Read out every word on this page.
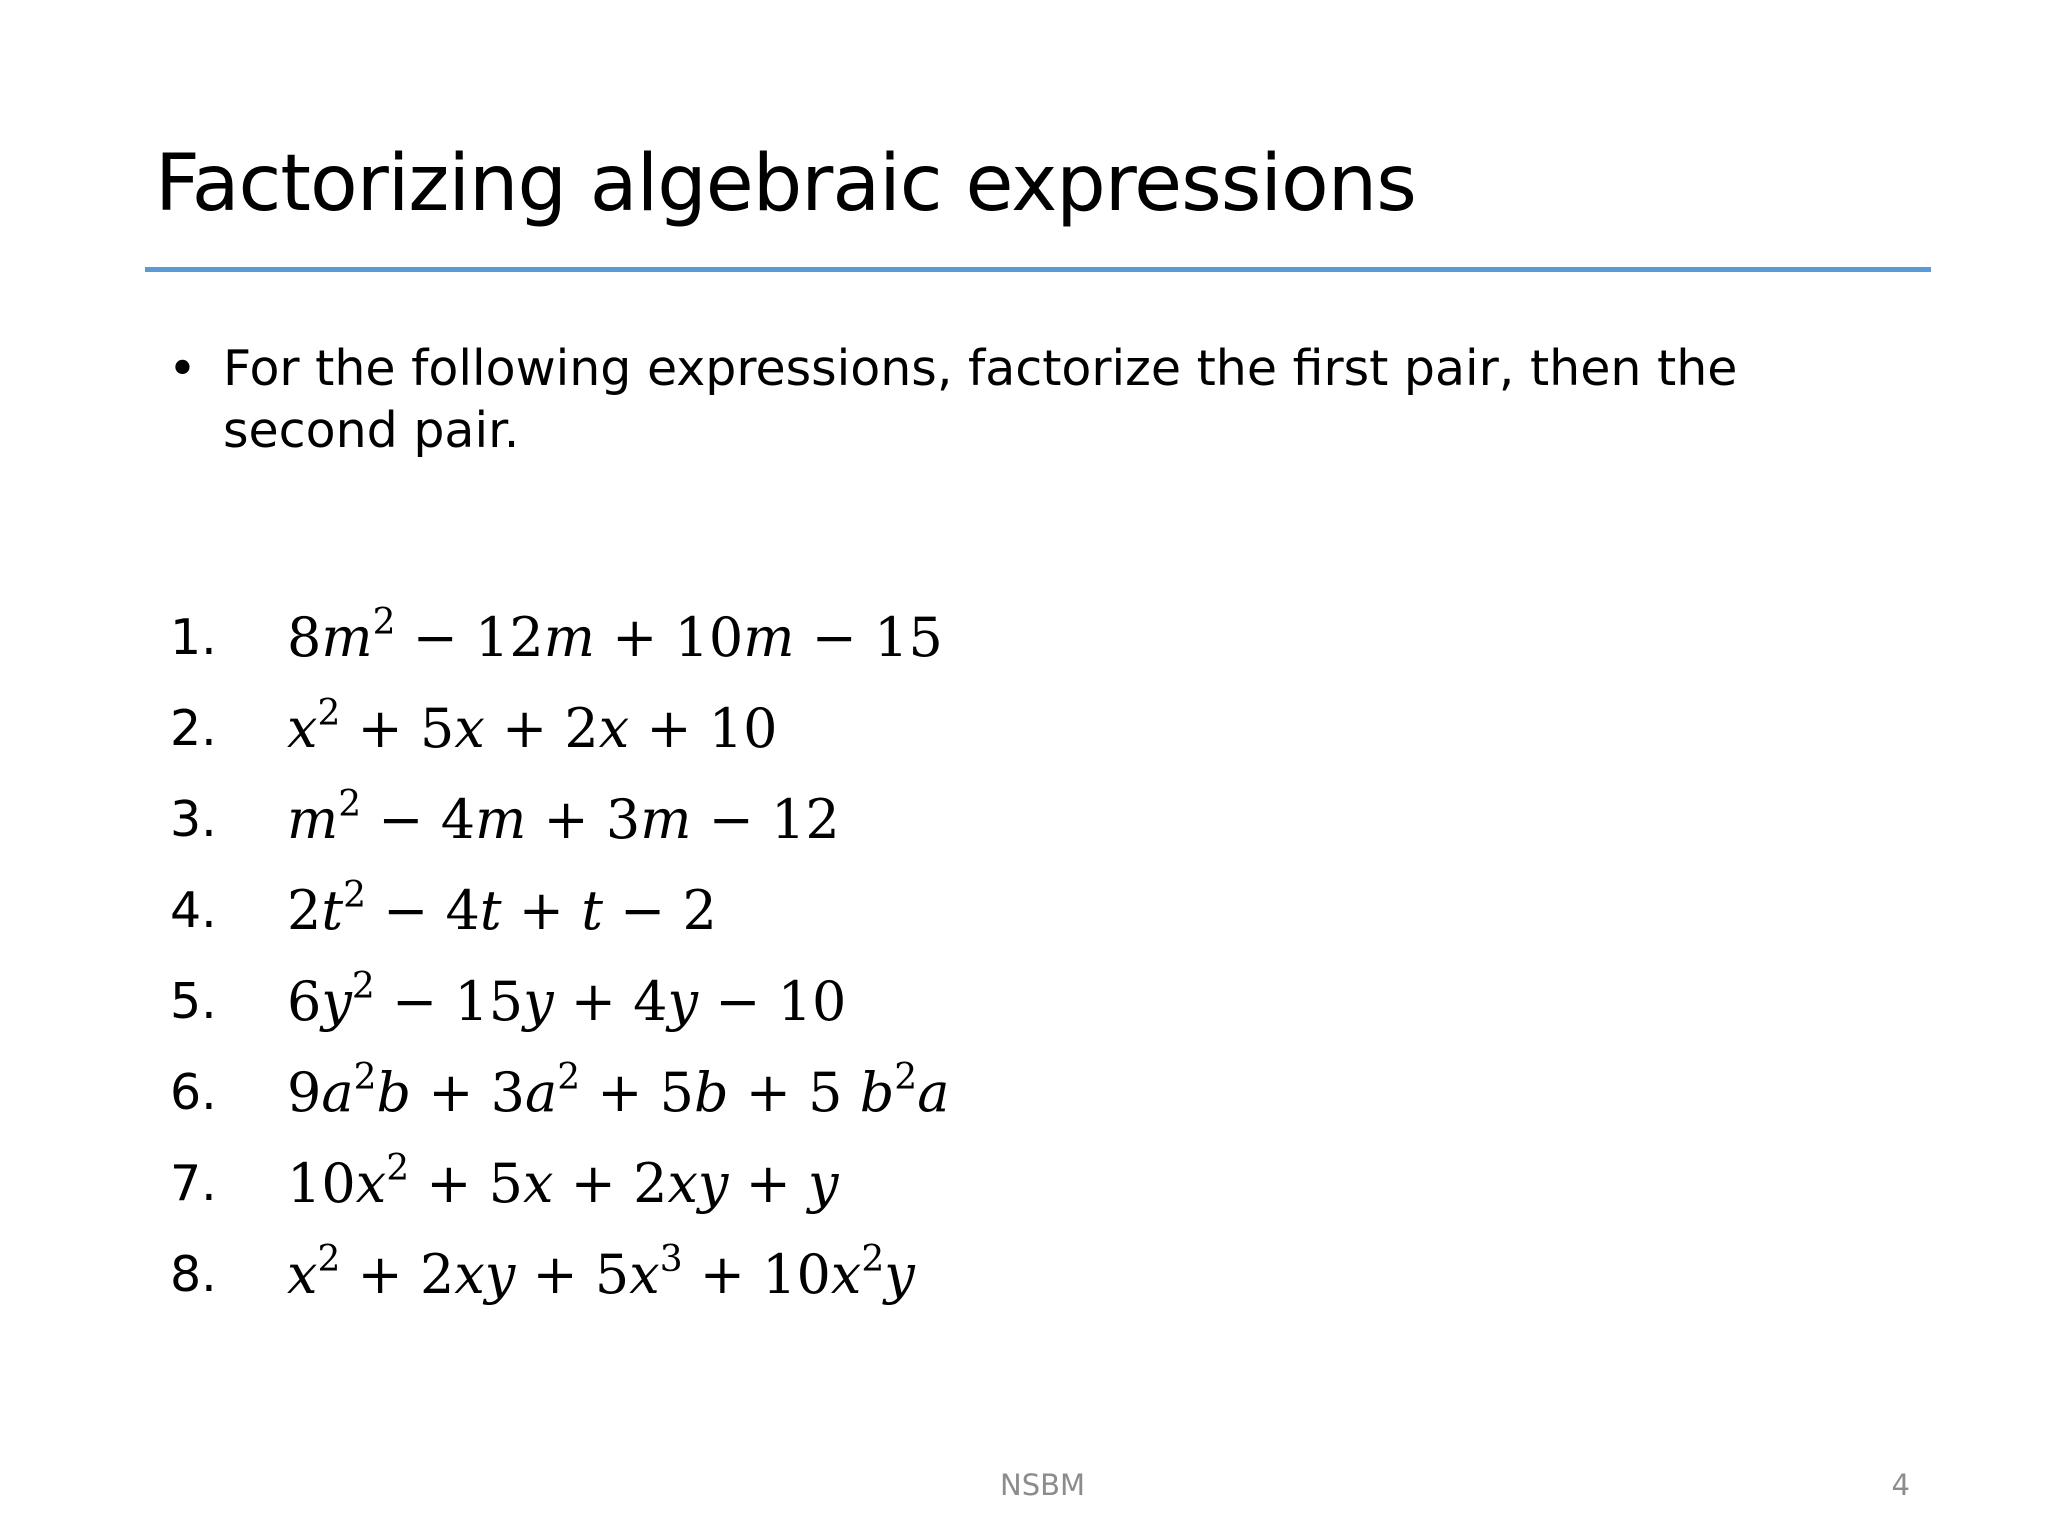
Factorizing algebraic expressions
• For the following expressions, factorize the first pair, then the second pair.
1.	$8m^2 - 12m + 10m - 15$
2.	$x^2 + 5x + 2x + 10$
3.	$m^2 - 4m + 3m - 12$
4.	$2t^2 - 4t + t - 2$
5.	$6y^2 - 15y + 4y - 10$
6.	$9a^2b + 3a^2 + 5b + 5$ $b^2a$
7.	$10x^2 + 5x + 2xy + y$
8.	$x^2 + 2xy + 5x^3 + 10x^2y$
NSBM	4
